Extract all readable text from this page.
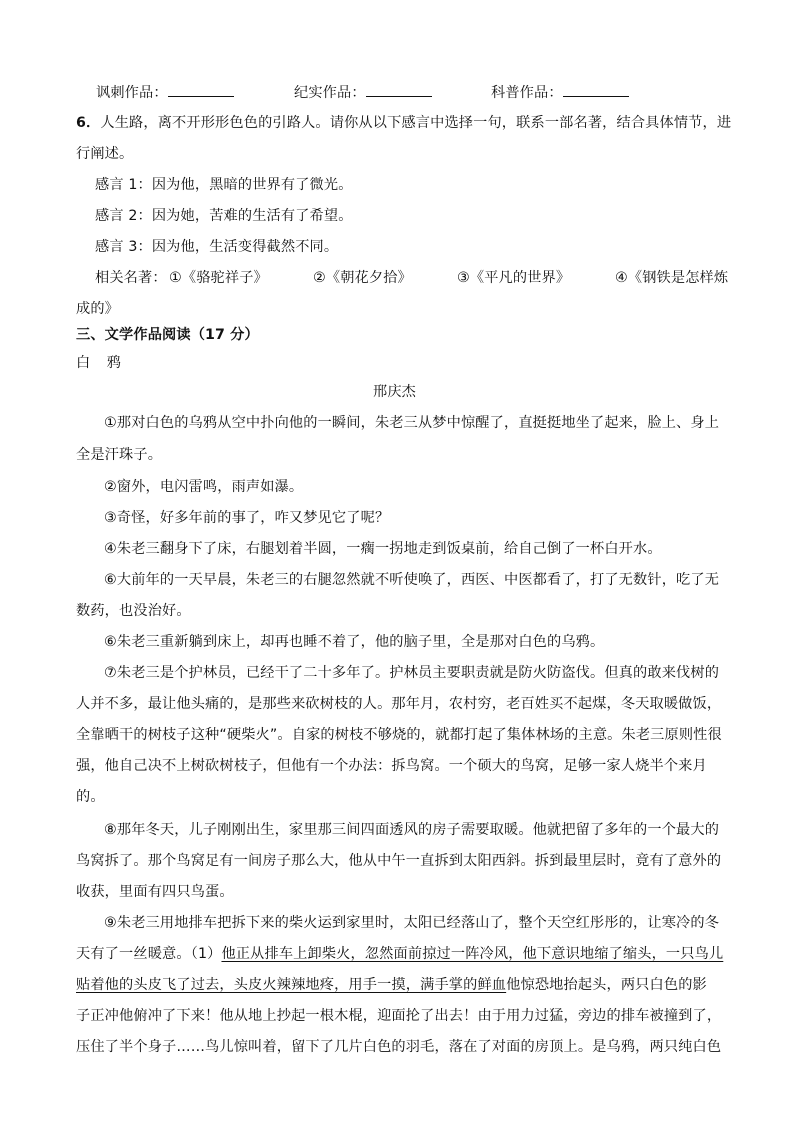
讽刺作品：	纪实作品：	科普作品：
6．人生路，离不开形形色色的引路人。请你从以下感言中选择一句，联系一部名著，结合具体情节，进
行阐述。
感言 1：因为他，黑暗的世界有了微光。
感言 2：因为她，苦难的生活有了希望。
感言 3：因为他，生活变得截然不同。
相关名著： ①《骆驼祥子》	②《朝花夕拾》	③《平凡的世界》	④《钢铁是怎样炼
成的》
三、文学作品阅读（17 分）
白 鸦
邢庆杰
①那对白色的乌鸦从空中扑向他的一瞬间，朱老三从梦中惊醒了，直挺挺地坐了起来，脸上、身上
全是汗珠子。
②窗外，电闪雷鸣，雨声如瀑。
③奇怪，好多年前的事了，咋又梦见它了呢？
④朱老三翻身下了床，右腿划着半圆，一瘸一拐地走到饭桌前，给自己倒了一杯白开水。
⑥大前年的一天早晨，朱老三的右腿忽然就不听使唤了，西医、中医都看了，打了无数针，吃了无
数药，也没治好。
⑥朱老三重新躺到床上，却再也睡不着了，他的脑子里，全是那对白色的乌鸦。
⑦朱老三是个护林员，已经干了二十多年了。护林员主要职责就是防火防盗伐。但真的敢来伐树的
人并不多，最让他头痛的，是那些来砍树枝的人。那年月，农村穷，老百姓买不起煤，冬天取暖做饭，
全靠晒干的树枝子这种“硬柴火”。自家的树枝不够烧的，就都打起了集体林场的主意。朱老三原则性很
强，他自己决不上树砍树枝子，但他有一个办法：拆鸟窝。一个硕大的鸟窝，足够一家人烧半个来月
的。
⑧那年冬天，儿子刚刚出生，家里那三间四面透风的房子需要取暖。他就把留了多年的一个最大的
鸟窝拆了。那个鸟窝足有一间房子那么大，他从中午一直拆到太阳西斜。拆到最里层时，竟有了意外的
收获，里面有四只鸟蛋。
⑨朱老三用地排车把拆下来的柴火运到家里时，太阳已经落山了，整个天空红彤彤的，让寒冷的冬
天有了一丝暖意。（1）他正从排车上卸柴火，忽然面前掠过一阵冷风，他下意识地缩了缩头，一只鸟儿
贴着他的头皮飞了过去，头皮火辣辣地疼，用手一摸，满手掌的鲜血他惊恐地抬起头，两只白色的影
子正冲他俯冲了下来！他从地上抄起一根木棍，迎面抡了出去！由于用力过猛，旁边的排车被撞到了，
压住了半个身子……鸟儿惊叫着，留下了几片白色的羽毛，落在了对面的房顶上。是乌鸦，两只纯白色
